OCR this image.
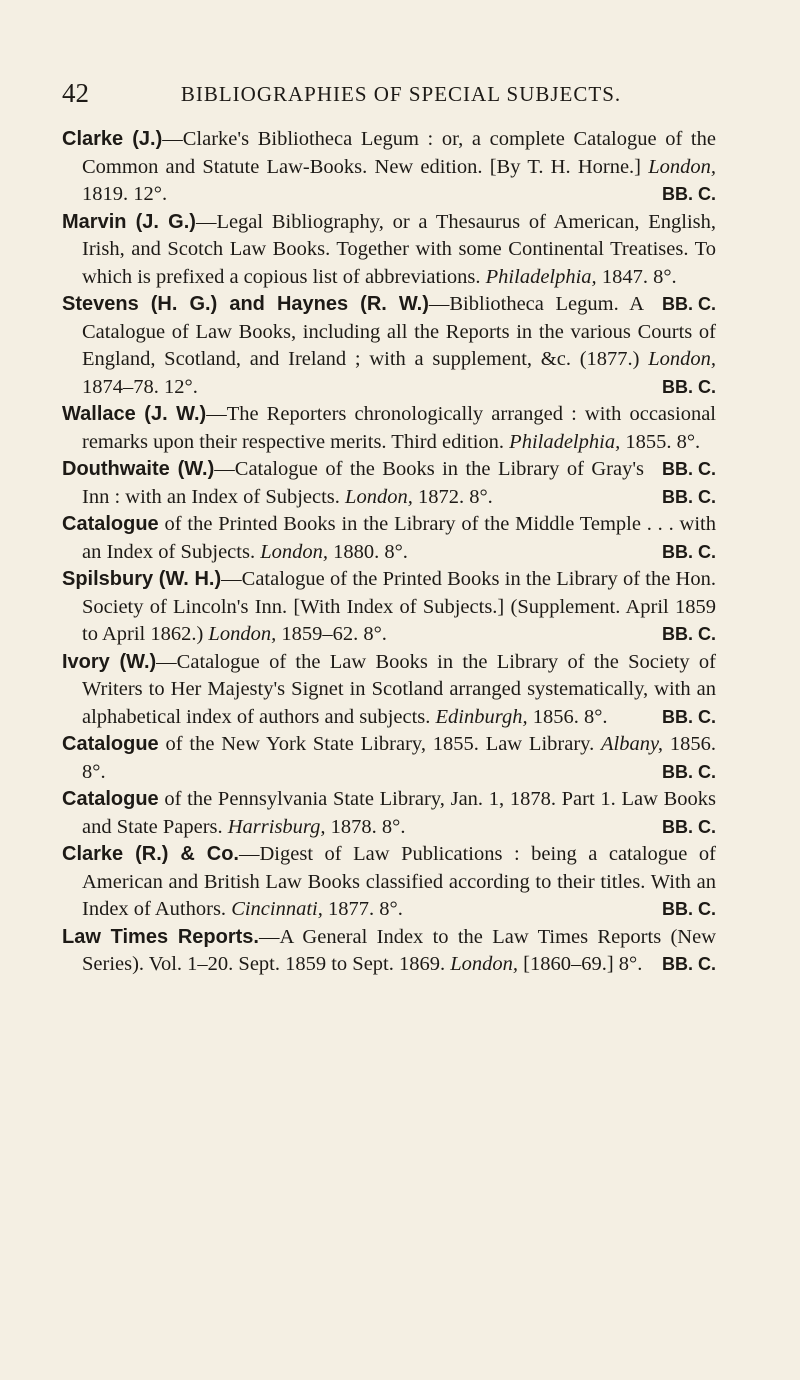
42	BIBLIOGRAPHIES OF SPECIAL SUBJECTS.

Clarke (J.)—Clarke's Bibliotheca Legum : or, a complete Catalogue of the Common and Statute Law-Books. New edition. [By T. H. Horne.] London, 1819. 12°.	BB. C.

Marvin (J. G.)—Legal Bibliography, or a Thesaurus of American, English, Irish, and Scotch Law Books. Together with some Continental Treatises. To which is prefixed a copious list of abbreviations. Philadelphia, 1847. 8°.
BB. C.

Stevens (H. G.) and Haynes (R. W.)—Bibliotheca Legum. A Catalogue of Law Books, including all the Reports in the various Courts of England, Scotland, and Ireland ; with a supplement, &c. (1877.) London, 1874–78. 12°.	BB. C.

Wallace (J. W.)—The Reporters chronologically arranged : with occasional remarks upon their respective merits. Third edition. Philadelphia, 1855. 8°.
BB. C.

Douthwaite (W.)—Catalogue of the Books in the Library of Gray's Inn : with an Index of Subjects. London, 1872. 8°.	BB. C.

Catalogue of the Printed Books in the Library of the Middle Temple . . . with an Index of Subjects. London, 1880. 8°.	BB. C.

Spilsbury (W. H.)—Catalogue of the Printed Books in the Library of the Hon. Society of Lincoln's Inn. [With Index of Subjects.] (Supplement. April 1859 to April 1862.) London, 1859–62. 8°.	BB. C.

Ivory (W.)—Catalogue of the Law Books in the Library of the Society of Writers to Her Majesty's Signet in Scotland arranged systematically, with an alphabetical index of authors and subjects. Edinburgh, 1856. 8°.	BB. C.

Catalogue of the New York State Library, 1855. Law Library. Albany, 1856. 8°.	BB. C.

Catalogue of the Pennsylvania State Library, Jan. 1, 1878. Part 1. Law Books and State Papers. Harrisburg, 1878. 8°.	BB. C.

Clarke (R.) & Co.—Digest of Law Publications : being a catalogue of American and British Law Books classified according to their titles. With an Index of Authors. Cincinnati, 1877. 8°.	BB. C.

Law Times Reports.—A General Index to the Law Times Reports (New Series). Vol. 1–20. Sept. 1859 to Sept. 1869. London, [1860–69.] 8°.	BB. C.
